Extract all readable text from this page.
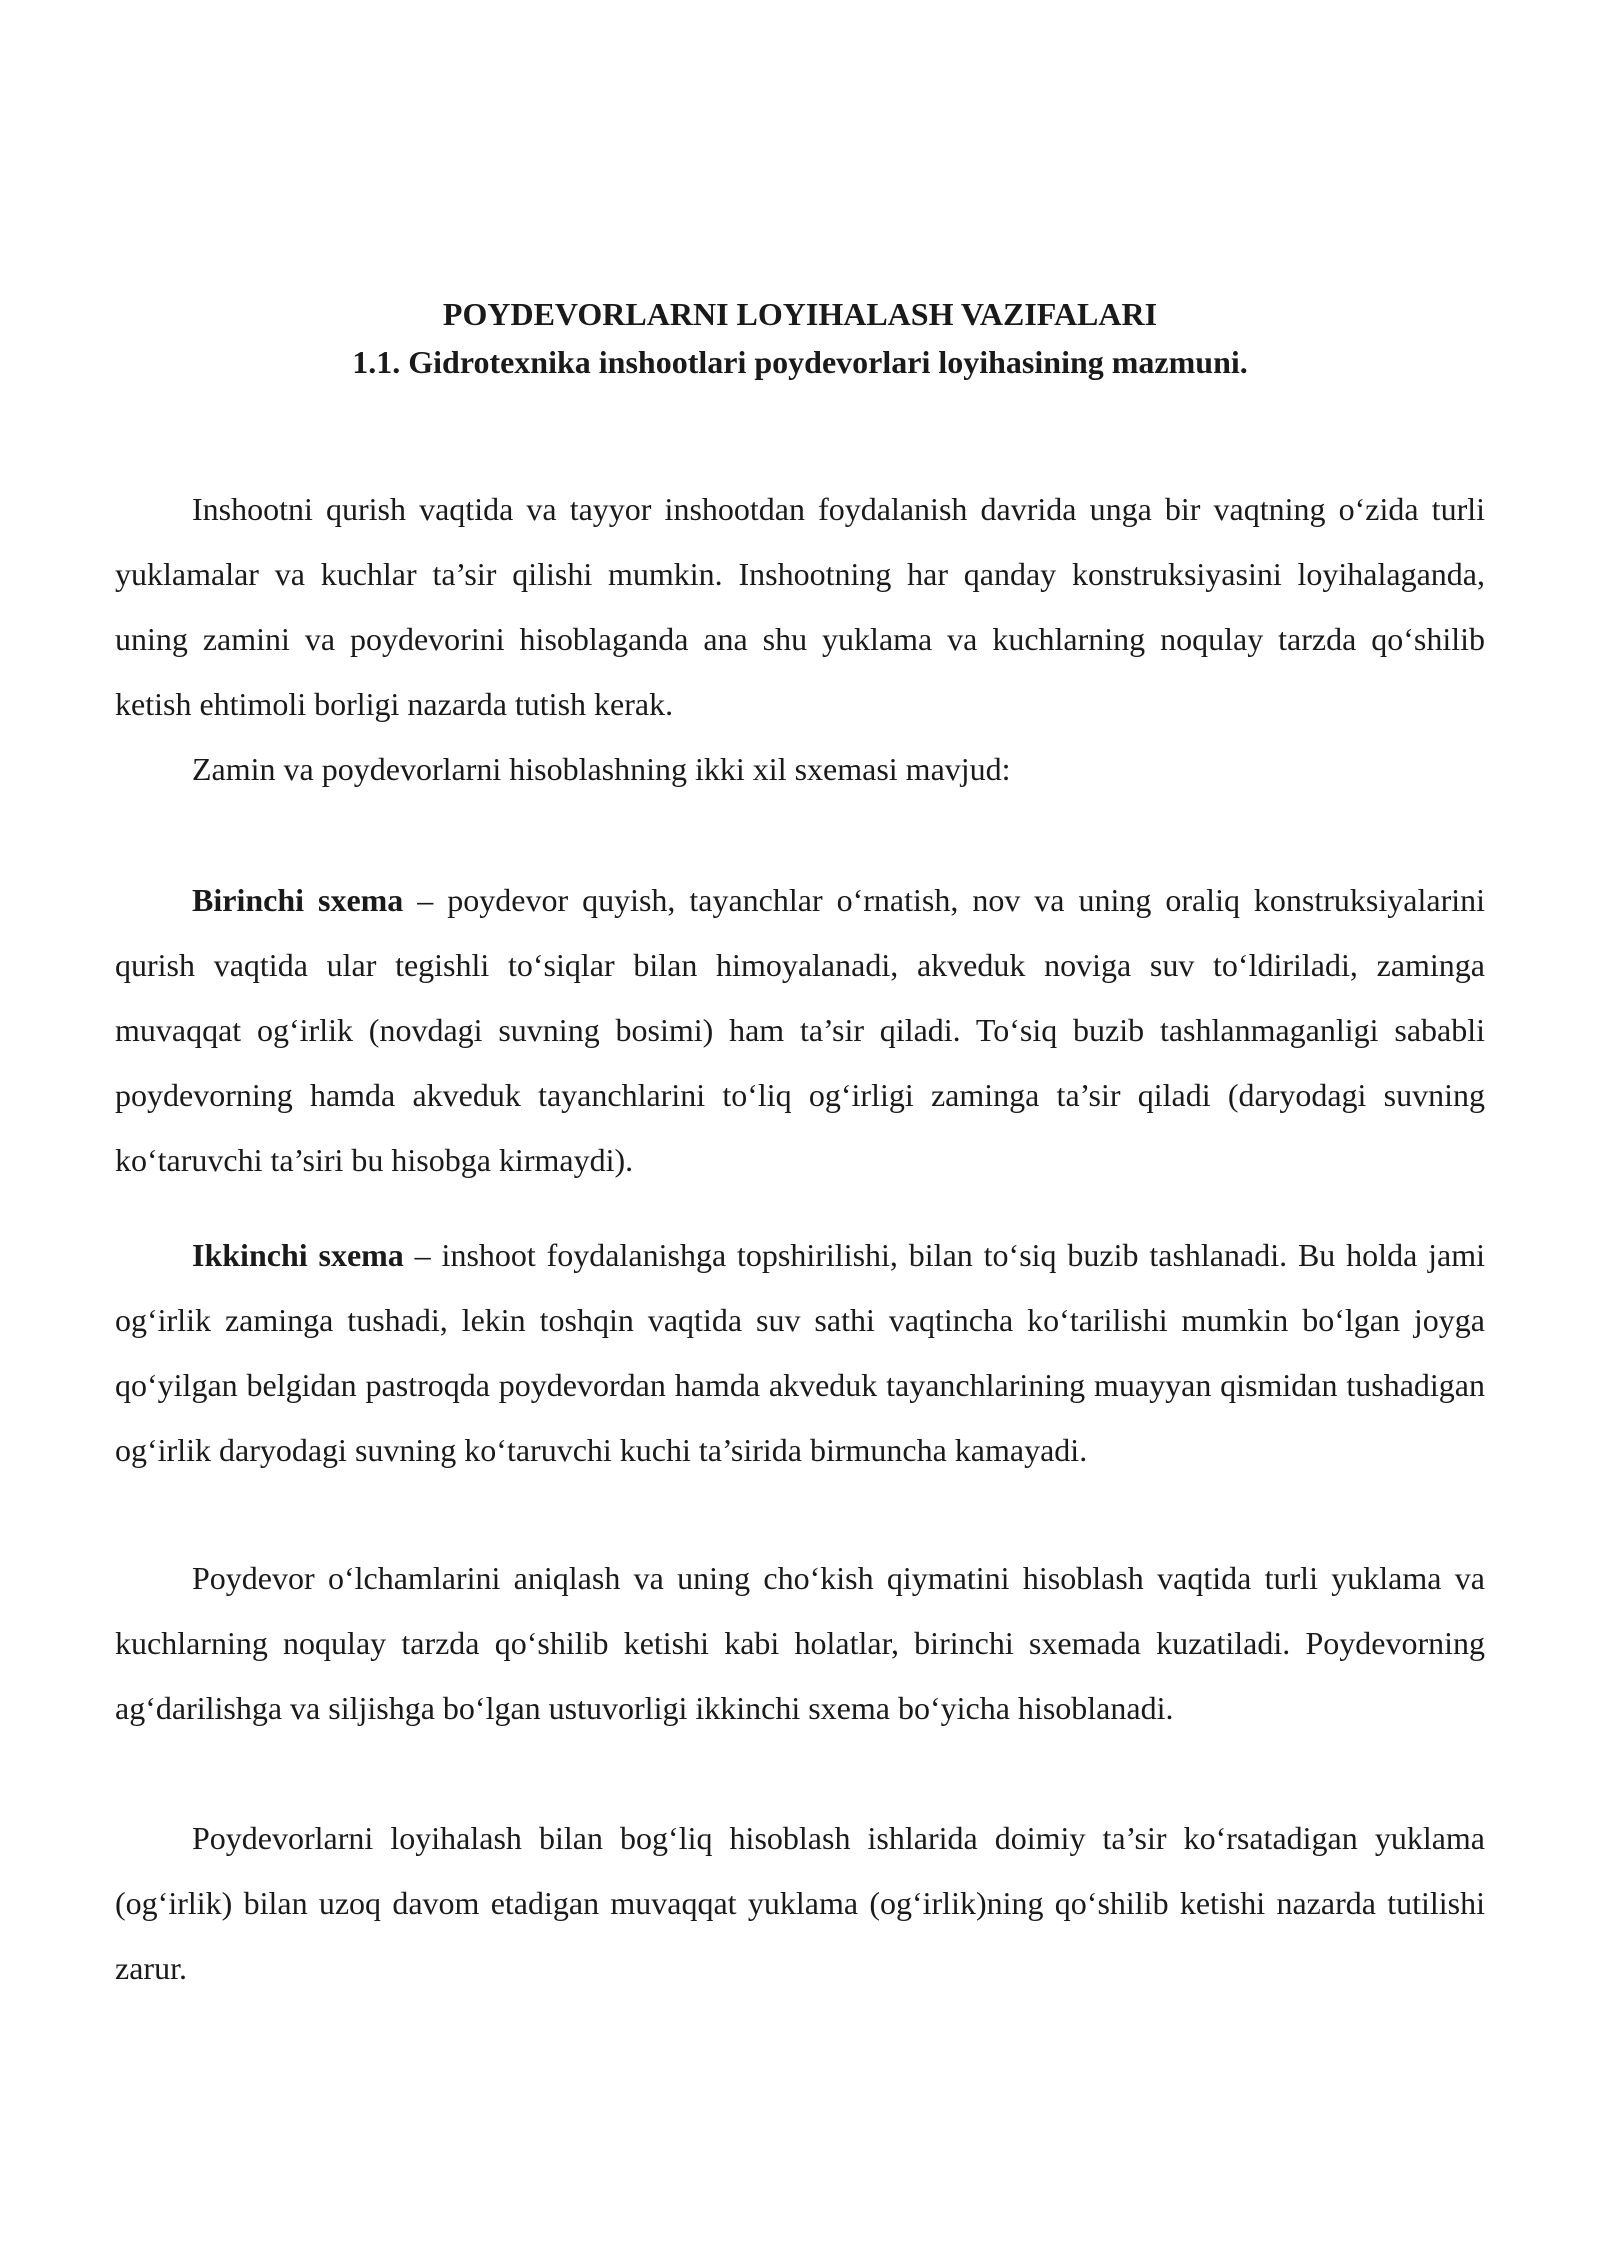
POYDEVORLARNI LOYIHALASH VAZIFALARI

1.1. Gidrotexnika inshootlari poydevorlari loyihasining mazmuni.

Inshootni qurish vaqtida va tayyor inshootdan foydalanish davrida unga bir vaqtning o‘zida turli yuklamalar va kuchlar ta’sir qilishi mumkin. Inshootning har qanday konstruksiyasini loyihalaganda, uning zamini va poydevorini hisoblaganda ana shu yuklama va kuchlarning noqulay tarzda qo‘shilib ketish ehtimoli borligi nazarda tutish kerak.

Zamin va poydevorlarni hisoblashning ikki xil sxemasi mavjud:

Birinchi sxema – poydevor quyish, tayanchlar o‘rnatish, nov va uning oraliq konstruksiyalarini qurish vaqtida ular tegishli to‘siqlar bilan himoyalanadi, akveduk noviga suv to‘ldiriladi, zaminga muvaqqat og‘irlik (novdagi suvning bosimi) ham ta’sir qiladi. To‘siq buzib tashlanmaganligi sababli poydevorning hamda akveduk tayanchlarini to‘liq og‘irligi zaminga ta’sir qiladi (daryodagi suvning ko‘taruvchi ta’siri bu hisobga kirmaydi).

Ikkinchi sxema – inshoot foydalanishga topshirilishi, bilan to‘siq buzib tashlanadi. Bu holda jami og‘irlik zaminga tushadi, lekin toshqin vaqtida suv sathi vaqtincha ko‘tarilishi mumkin bo‘lgan joyga qo‘yilgan belgidan pastroqda poydevordan hamda akveduk tayanchlarining muayyan qismidan tushadigan og‘irlik daryodagi suvning ko‘taruvchi kuchi ta’sirida birmuncha kamayadi.

Poydevor o‘lchamlarini aniqlash va uning cho‘kish qiymatini hisoblash vaqtida turli yuklama va kuchlarning noqulay tarzda qo‘shilib ketishi kabi holatlar, birinchi sxemada kuzatiladi. Poydevorning ag‘darilishga va siljishga bo‘lgan ustuvorligi ikkinchi sxema bo‘yicha hisoblanadi.

Poydevorlarni loyihalash bilan bog‘liq hisoblash ishlarida doimiy ta’sir ko‘rsatadigan yuklama (og‘irlik) bilan uzoq davom etadigan muvaqqat yuklama (og‘irlik)ning qo‘shilib ketishi nazarda tutilishi zarur.
